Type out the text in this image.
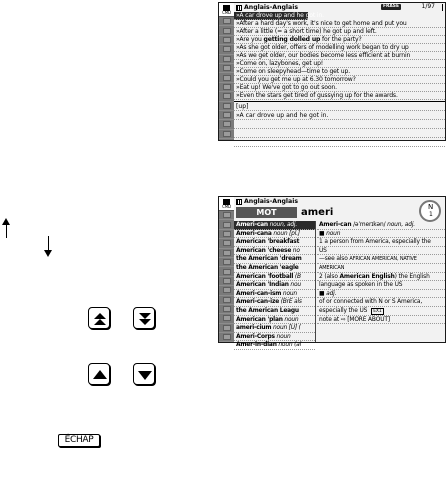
CMD
Anglais-Anglais	FRASE	1/97
»A car drove up and he got in.
»After a hard day's work, it's nice to get home and put you
»After a little (= a short time) he got up and left.
»Are you getting dolled up for the party?
»As she got older, offers of modelling work began to dry up
»As we get older, our bodies become less efficient at burnin
»Come on, lazybones, get up!
»Come on sleepyhead—time to get up.
»Could you get me up at 6.30 tomorrow?
»Eat up! We've got to go out soon.
»Even the stars get tired of gussying up for the awards.
[up]
»A car drove up and he got in.
CMD
Anglais-Anglais
MOT
ameri
N
1
Ameri-can noun, adj.
Ameri-cana noun [pl.]
American 'breakfast
American 'cheese no
the American 'dream
the American 'eagle
American 'football (B
American 'Indian nou
Ameri-can-ism noun
Ameri-can-ize (BrE als
the American Leagu
American 'plan noun
ameri-cium noun [U] (
Ameri-Corps noun
Amer-in-dian noun (al
Ameri-can /əˈmerɪkən/ noun, adj.
■ noun
1 a person from America, especially the
US
—see also AFRICAN AMERICAN, NATIVE
AMERICAN
2 (also American English) the English
language as spoken in the US
■ adj.
of or connected with N or S America,
especially the US EX1
note at ⇨ [MORE ABOUT]
ÉCHAP
